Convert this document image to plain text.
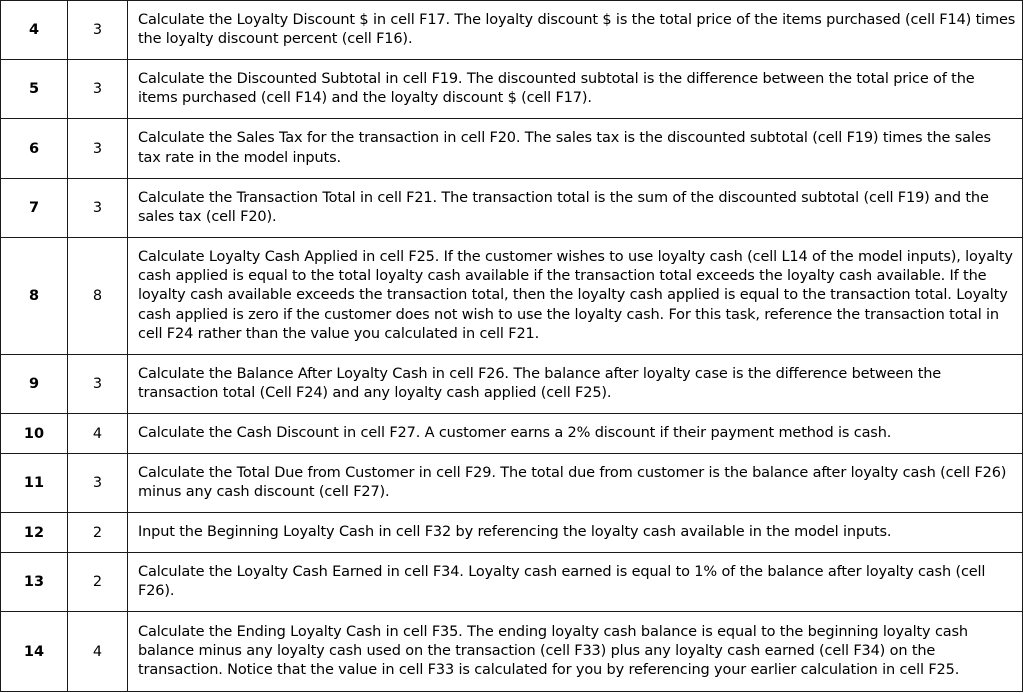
4	3	Calculate the Loyalty Discount $ in cell F17. The loyalty discount $ is the total price of the items purchased (cell F14) times the loyalty discount percent (cell F16).
5	3	Calculate the Discounted Subtotal in cell F19. The discounted subtotal is the difference between the total price of the items purchased (cell F14) and the loyalty discount $ (cell F17).
6	3	Calculate the Sales Tax for the transaction in cell F20. The sales tax is the discounted subtotal (cell F19) times the sales tax rate in the model inputs.
7	3	Calculate the Transaction Total in cell F21. The transaction total is the sum of the discounted subtotal (cell F19) and the sales tax (cell F20).
8	8	Calculate Loyalty Cash Applied in cell F25. If the customer wishes to use loyalty cash (cell L14 of the model inputs), loyalty cash applied is equal to the total loyalty cash available if the transaction total exceeds the loyalty cash available. If the loyalty cash available exceeds the transaction total, then the loyalty cash applied is equal to the transaction total. Loyalty cash applied is zero if the customer does not wish to use the loyalty cash. For this task, reference the transaction total in cell F24 rather than the value you calculated in cell F21.
9	3	Calculate the Balance After Loyalty Cash in cell F26. The balance after loyalty case is the difference between the transaction total (Cell F24) and any loyalty cash applied (cell F25).
10	4	Calculate the Cash Discount in cell F27. A customer earns a 2% discount if their payment method is cash.
11	3	Calculate the Total Due from Customer in cell F29. The total due from customer is the balance after loyalty cash (cell F26) minus any cash discount (cell F27).
12	2	Input the Beginning Loyalty Cash in cell F32 by referencing the loyalty cash available in the model inputs.
13	2	Calculate the Loyalty Cash Earned in cell F34. Loyalty cash earned is equal to 1% of the balance after loyalty cash (cell F26).
14	4	Calculate the Ending Loyalty Cash in cell F35. The ending loyalty cash balance is equal to the beginning loyalty cash balance minus any loyalty cash used on the transaction (cell F33) plus any loyalty cash earned (cell F34) on the transaction. Notice that the value in cell F33 is calculated for you by referencing your earlier calculation in cell F25.
